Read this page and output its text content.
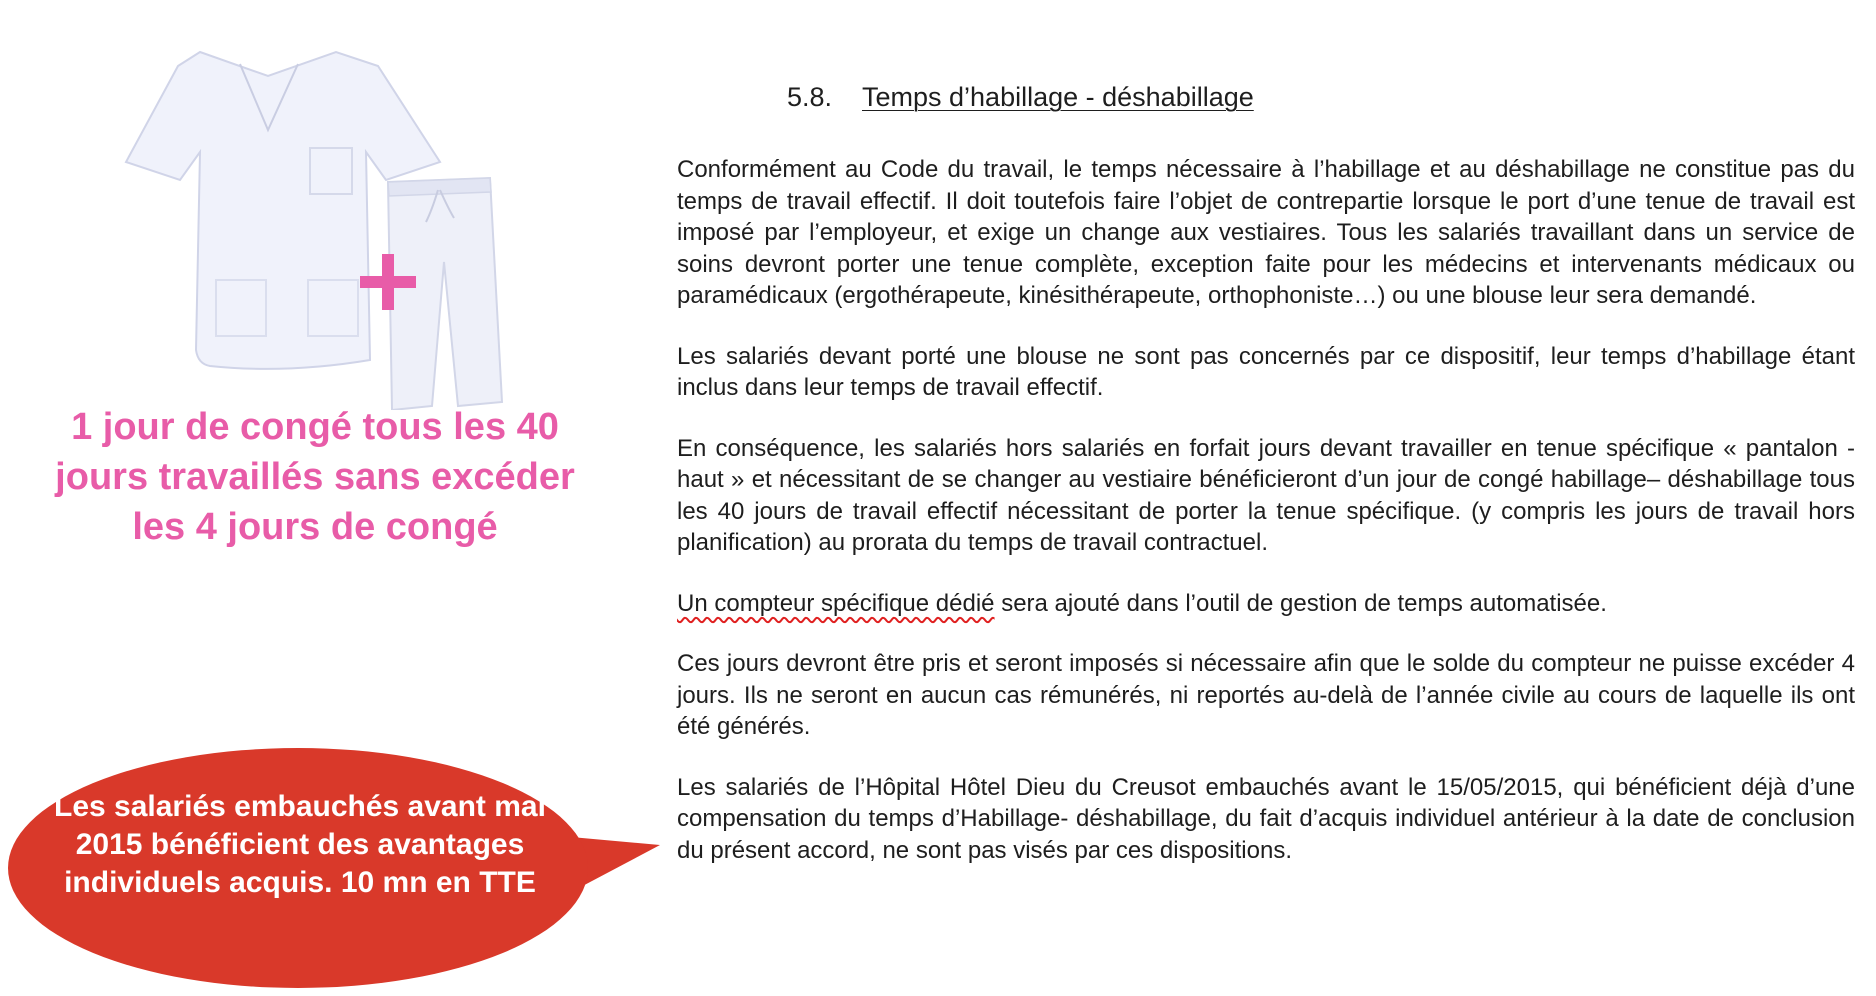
1 jour de congé tous les 40 jours travaillés sans excéder les 4 jours de congé
Les salariés embauchés avant mai 2015 bénéficient des avantages individuels acquis. 10 mn en TTE
5.8. Temps d’habillage - déshabillage

Conformément au Code du travail, le temps nécessaire à l’habillage et au déshabillage ne constitue pas du temps de travail effectif. Il doit toutefois faire l’objet de contrepartie lorsque le port d’une tenue de travail est imposé par l’employeur, et exige un change aux vestiaires. Tous les salariés travaillant dans un service de soins devront porter une tenue complète, exception faite pour les médecins et intervenants médicaux ou paramédicaux (ergothérapeute, kinésithérapeute, orthophoniste…) ou une blouse leur sera demandé.

Les salariés devant porté une blouse ne sont pas concernés par ce dispositif, leur temps d’habillage étant inclus dans leur temps de travail effectif.

En conséquence, les salariés hors salariés en forfait jours devant travailler en tenue spécifique « pantalon - haut » et nécessitant de se changer au vestiaire bénéficieront d’un jour de congé habillage– déshabillage tous les 40 jours de travail effectif nécessitant de porter la tenue spécifique. (y compris les jours de travail hors planification) au prorata du temps de travail contractuel.

Un compteur spécifique dédié sera ajouté dans l’outil de gestion de temps automatisée.

Ces jours devront être pris et seront imposés si nécessaire afin que le solde du compteur ne puisse excéder 4 jours. Ils ne seront en aucun cas rémunérés, ni reportés au-delà de l’année civile au cours de laquelle ils ont été générés.

Les salariés de l’Hôpital Hôtel Dieu du Creusot embauchés avant le 15/05/2015, qui bénéficient déjà d’une compensation du temps d’Habillage- déshabillage, du fait d’acquis individuel antérieur à la date de conclusion du présent accord, ne sont pas visés par ces dispositions.
